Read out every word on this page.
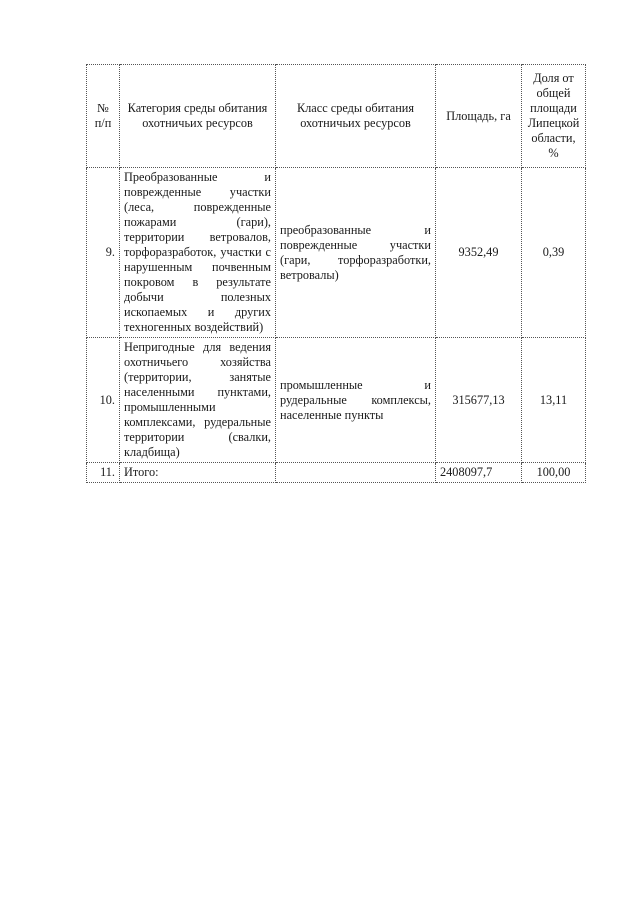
№ п/п	Категория среды обитания охотничьих ресурсов	Класс среды обитания охотничьих ресурсов	Площадь, га	Доля от общей площади Липецкой области, %
9.	Преобразованные и поврежденные участки (леса, поврежденные пожарами (гари), территории ветровалов, торфоразработок, участки с нарушенным почвенным покровом в результате добычи полезных ископаемых и других техногенных воздействий)	преобразованные и поврежденные участки (гари, торфоразработки, ветровалы)	9352,49	0,39
10.	Непригодные для ведения охотничьего хозяйства (территории, занятые населенными пунктами, промышленными комплексами, рудеральные территории (свалки, кладбища)	промышленные и рудеральные комплексы, населенные пункты	315677,13	13,11
11.	Итого:		2408097,7	100,00
